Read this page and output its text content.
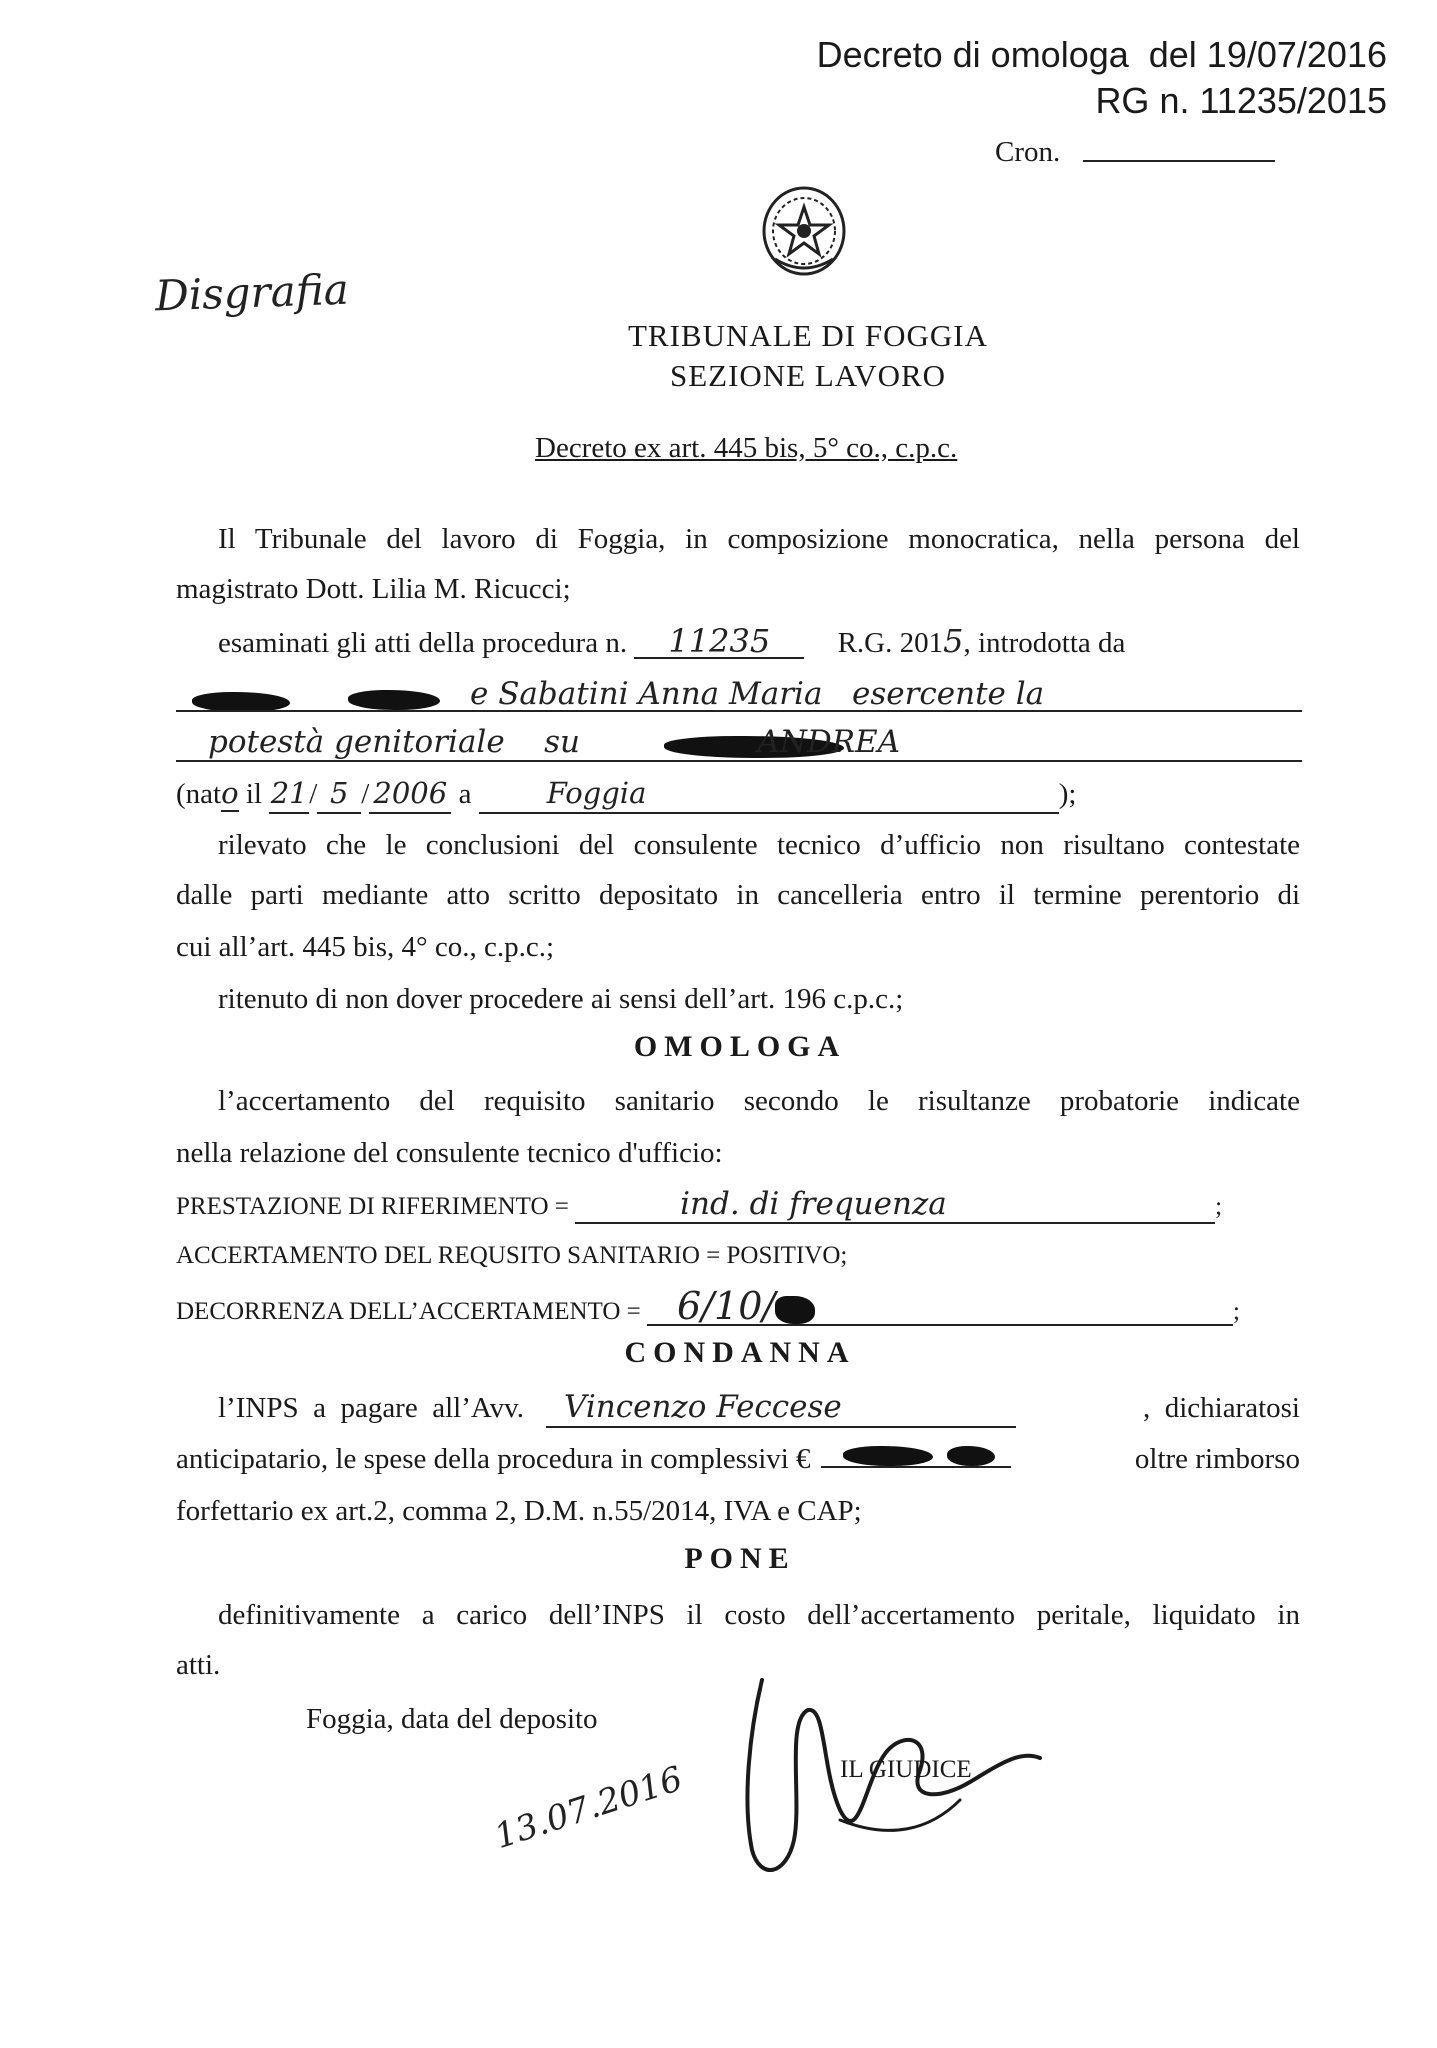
Decreto di omologa  del 19/07/2016
RG n. 11235/2015
Cron.
Disgrafia
TRIBUNALE DI FOGGIA
SEZIONE LAVORO
Decreto ex art. 445 bis, 5° co., c.p.c.
Il Tribunale del lavoro di Foggia, in composizione monocratica, nella persona del
magistrato Dott. Lilia M. Ricucci;
esaminati gli atti della procedura n. 11235 R.G. 2015, introdotta da
e Sabatini Anna Maria   esercente la
potestà genitoriale    su                  ANDREA
(nato il 21/ 5 / 2006 a	Foggia	);
rilevato che le conclusioni del consulente tecnico d’ufficio non risultano contestate
dalle parti mediante atto scritto depositato in cancelleria entro il termine perentorio di
cui all’art. 445 bis, 4° co., c.p.c.;
ritenuto di non dover procedere ai sensi dell’art. 196 c.p.c.;
OMOLOGA
l’accertamento del requisito sanitario secondo le risultanze probatorie indicate
nella relazione del consulente tecnico d'ufficio:
PRESTAZIONE DI RIFERIMENTO =	ind. di frequenza	;
ACCERTAMENTO DEL REQUSITO SANITARIO = POSITIVO;
DECORRENZA DELL’ACCERTAMENTO = 6/10/	;
CONDANNA
l’INPS  a  pagare  all’Avv.	Vincenzo Feccese	,  dichiaratosi
anticipatario, le spese della procedura in complessivi €	oltre rimborso
forfettario ex art.2, comma 2, D.M. n.55/2014, IVA e CAP;
PONE
definitivamente a carico dell’INPS il costo dell’accertamento peritale, liquidato in
atti.
Foggia, data del deposito
IL GIUDICE
13.07.2016
